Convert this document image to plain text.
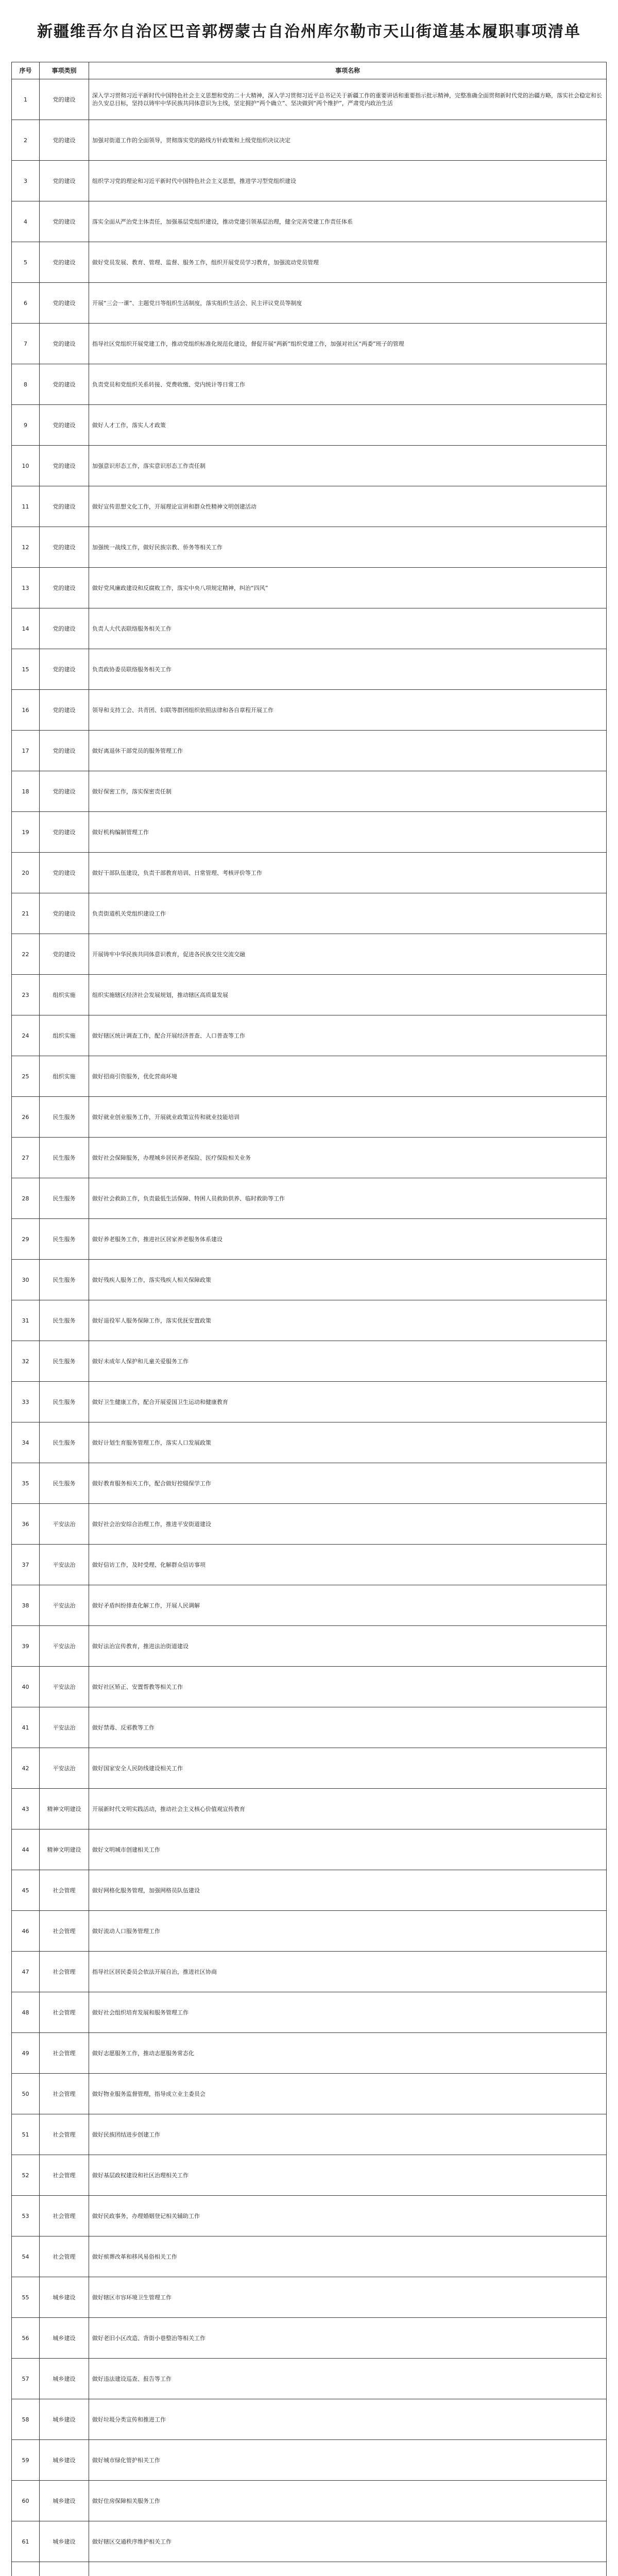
新疆维吾尔自治区巴音郭楞蒙古自治州库尔勒市天山街道基本履职事项清单
序号	事项类别	事项名称
1	党的建设	深入学习贯彻习近平新时代中国特色社会主义思想和党的二十大精神，深入学习贯彻习近平总书记关于新疆工作的重要讲话和重要指示批示精神，完整准确全面贯彻新时代党的治疆方略，落实社会稳定和长治久安总目标，坚持以铸牢中华民族共同体意识为主线，坚定拥护“两个确立”、坚决做到“两个维护”，严肃党内政治生活
2	党的建设	加强对街道工作的全面领导，贯彻落实党的路线方针政策和上级党组织决议决定
3	党的建设	组织学习党的理论和习近平新时代中国特色社会主义思想，推进学习型党组织建设
4	党的建设	落实全面从严治党主体责任，加强基层党组织建设，推动党建引领基层治理，健全完善党建工作责任体系
5	党的建设	做好党员发展、教育、管理、监督、服务工作，组织开展党员学习教育，加强流动党员管理
6	党的建设	开展“三会一课”、主题党日等组织生活制度，落实组织生活会、民主评议党员等制度
7	党的建设	指导社区党组织开展党建工作，推动党组织标准化规范化建设，督促开展“两新”组织党建工作，加强对社区“两委”班子的管理
8	党的建设	负责党员和党组织关系转接、党费收缴、党内统计等日常工作
9	党的建设	做好人才工作，落实人才政策
10	党的建设	加强意识形态工作，落实意识形态工作责任制
11	党的建设	做好宣传思想文化工作，开展理论宣讲和群众性精神文明创建活动
12	党的建设	加强统一战线工作，做好民族宗教、侨务等相关工作
13	党的建设	做好党风廉政建设和反腐败工作，落实中央八项规定精神，纠治“四风”
14	党的建设	负责人大代表联络服务相关工作
15	党的建设	负责政协委员联络服务相关工作
16	党的建设	领导和支持工会、共青团、妇联等群团组织依照法律和各自章程开展工作
17	党的建设	做好离退休干部党员的服务管理工作
18	党的建设	做好保密工作，落实保密责任制
19	党的建设	做好机构编制管理工作
20	党的建设	做好干部队伍建设，负责干部教育培训、日常管理、考核评价等工作
21	党的建设	负责街道机关党组织建设工作
22	党的建设	开展铸牢中华民族共同体意识教育，促进各民族交往交流交融
23	组织实施	组织实施辖区经济社会发展规划，推动辖区高质量发展
24	组织实施	做好辖区统计调查工作，配合开展经济普查、人口普查等工作
25	组织实施	做好招商引资服务，优化营商环境
26	民生服务	做好就业创业服务工作，开展就业政策宣传和就业技能培训
27	民生服务	做好社会保障服务，办理城乡居民养老保险、医疗保险相关业务
28	民生服务	做好社会救助工作，负责最低生活保障、特困人员救助供养、临时救助等工作
29	民生服务	做好养老服务工作，推进社区居家养老服务体系建设
30	民生服务	做好残疾人服务工作，落实残疾人相关保障政策
31	民生服务	做好退役军人服务保障工作，落实优抚安置政策
32	民生服务	做好未成年人保护和儿童关爱服务工作
33	民生服务	做好卫生健康工作，配合开展爱国卫生运动和健康教育
34	民生服务	做好计划生育服务管理工作，落实人口发展政策
35	民生服务	做好教育服务相关工作，配合做好控辍保学工作
36	平安法治	做好社会治安综合治理工作，推进平安街道建设
37	平安法治	做好信访工作，及时受理、化解群众信访事项
38	平安法治	做好矛盾纠纷排查化解工作，开展人民调解
39	平安法治	做好法治宣传教育，推进法治街道建设
40	平安法治	做好社区矫正、安置帮教等相关工作
41	平安法治	做好禁毒、反邪教等工作
42	平安法治	做好国家安全人民防线建设相关工作
43	精神文明建设	开展新时代文明实践活动，推动社会主义核心价值观宣传教育
44	精神文明建设	做好文明城市创建相关工作
45	社会管理	做好网格化服务管理，加强网格员队伍建设
46	社会管理	做好流动人口服务管理工作
47	社会管理	指导社区居民委员会依法开展自治，推进社区协商
48	社会管理	做好社会组织培育发展和服务管理工作
49	社会管理	做好志愿服务工作，推动志愿服务常态化
50	社会管理	做好物业服务监督管理，指导成立业主委员会
51	社会管理	做好民族团结进步创建工作
52	社会管理	做好基层政权建设和社区治理相关工作
53	社会管理	做好民政事务，办理婚姻登记相关辅助工作
54	社会管理	做好殡葬改革和移风易俗相关工作
55	城乡建设	做好辖区市容环境卫生管理工作
56	城乡建设	做好老旧小区改造、背街小巷整治等相关工作
57	城乡建设	做好违法建设巡查、报告等工作
58	城乡建设	做好垃圾分类宣传和推进工作
59	城乡建设	做好城市绿化管护相关工作
60	城乡建设	做好住房保障相关服务工作
61	城乡建设	做好辖区交通秩序维护相关工作
